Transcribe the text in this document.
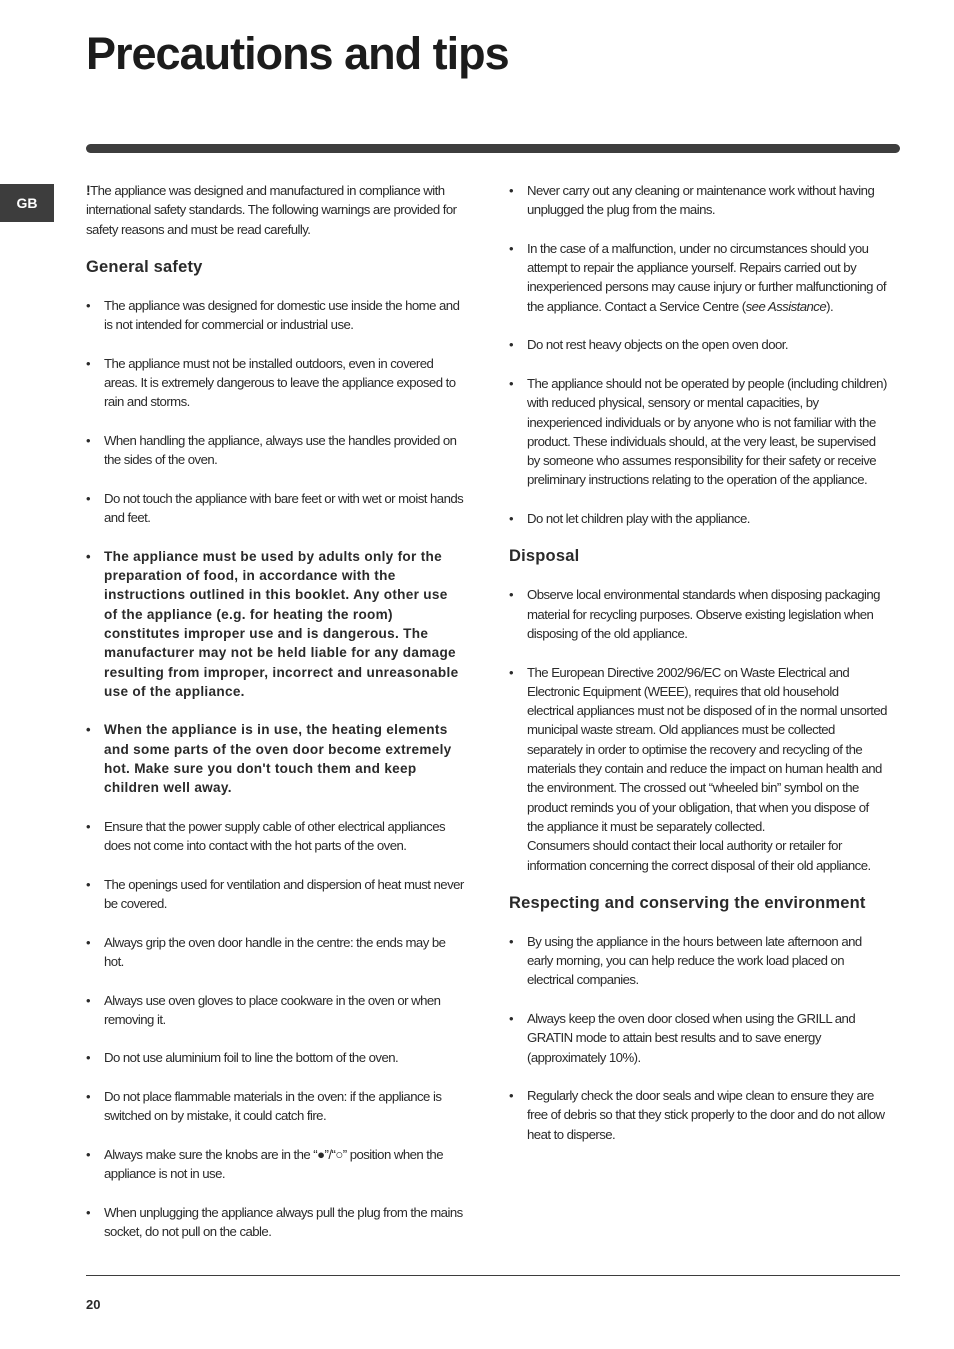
Precautions and tips
GB

!The appliance was designed and manufactured in compliance with international safety standards. The following warnings are provided for safety reasons and must be read carefully.

General safety
• The appliance was designed for domestic use inside the home and is not intended for commercial or industrial use.
• The appliance must not be installed outdoors, even in covered areas. It is extremely dangerous to leave the appliance exposed to rain and storms.
• When handling the appliance, always use the handles provided on the sides of the oven.
• Do not touch the appliance with bare feet or with wet or moist hands and feet.
• The appliance must be used by adults only for the preparation of food, in accordance with the instructions outlined in this booklet. Any other use of the appliance (e.g. for heating the room) constitutes improper use and is dangerous. The manufacturer may not be held liable for any damage resulting from improper, incorrect and unreasonable use of the appliance.
• When the appliance is in use, the heating elements and some parts of the oven door become extremely hot. Make sure you don't touch them and keep children well away.
• Ensure that the power supply cable of other electrical appliances does not come into contact with the hot parts of the oven.
• The openings used for ventilation and dispersion of heat must never be covered.
• Always grip the oven door handle in the centre: the ends may be hot.
• Always use oven gloves to place cookware in the oven or when removing it.
• Do not use aluminium foil to line the bottom of the oven.
• Do not place flammable materials in the oven: if the appliance is switched on by mistake, it could catch fire.
• Always make sure the knobs are in the “●”/“○” position when the appliance is not in use.
• When unplugging the appliance always pull the plug from the mains socket, do not pull on the cable.
• Never carry out any cleaning or maintenance work without having unplugged the plug from the mains.
• In the case of a malfunction, under no circumstances should you attempt to repair the appliance yourself. Repairs carried out by inexperienced persons may cause injury or further malfunctioning of the appliance. Contact a Service Centre (see Assistance).
• Do not rest heavy objects on the open oven door.
• The appliance should not be operated by people (including children) with reduced physical, sensory or mental capacities, by inexperienced individuals or by anyone who is not familiar with the product. These individuals should, at the very least, be supervised by someone who assumes responsibility for their safety or receive preliminary instructions relating to the operation of the appliance.
• Do not let children play with the appliance.
Disposal
• Observe local environmental standards when disposing packaging material for recycling purposes. Observe existing legislation when disposing of the old appliance.
• The European Directive 2002/96/EC on Waste Electrical and Electronic Equipment (WEEE), requires that old household electrical appliances must not be disposed of in the normal unsorted municipal waste stream. Old appliances must be collected separately in order to optimise the recovery and recycling of the materials they contain and reduce the impact on human health and the environment. The crossed out “wheeled bin” symbol on the product reminds you of your obligation, that when you dispose of the appliance it must be separately collected.
Consumers should contact their local authority or retailer for information concerning the correct disposal of their old appliance.
Respecting and conserving the environment
• By using the appliance in the hours between late afternoon and early morning, you can help reduce the work load placed on electrical companies.
• Always keep the oven door closed when using the GRILL and GRATIN mode to attain best results and to save energy (approximately 10%).
• Regularly check the door seals and wipe clean to ensure they are free of debris so that they stick properly to the door and do not allow heat to disperse.
20
